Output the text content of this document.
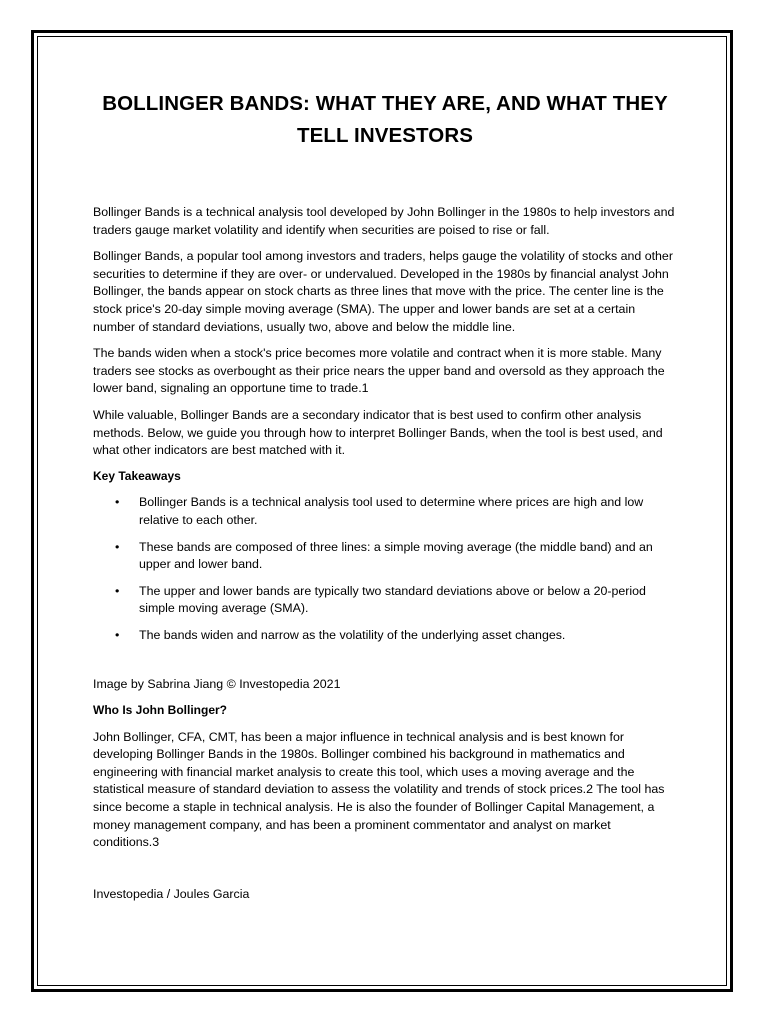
BOLLINGER BANDS: WHAT THEY ARE, AND WHAT THEY TELL INVESTORS

Bollinger Bands is a technical analysis tool developed by John Bollinger in the 1980s to help investors and traders gauge market volatility and identify when securities are poised to rise or fall.

Bollinger Bands, a popular tool among investors and traders, helps gauge the volatility of stocks and other securities to determine if they are over- or undervalued. Developed in the 1980s by financial analyst John Bollinger, the bands appear on stock charts as three lines that move with the price. The center line is the stock price's 20-day simple moving average (SMA). The upper and lower bands are set at a certain number of standard deviations, usually two, above and below the middle line.

The bands widen when a stock's price becomes more volatile and contract when it is more stable. Many traders see stocks as overbought as their price nears the upper band and oversold as they approach the lower band, signaling an opportune time to trade.1

While valuable, Bollinger Bands are a secondary indicator that is best used to confirm other analysis methods. Below, we guide you through how to interpret Bollinger Bands, when the tool is best used, and what other indicators are best matched with it.

Key Takeaways

• Bollinger Bands is a technical analysis tool used to determine where prices are high and low relative to each other.
• These bands are composed of three lines: a simple moving average (the middle band) and an upper and lower band.
• The upper and lower bands are typically two standard deviations above or below a 20-period simple moving average (SMA).
• The bands widen and narrow as the volatility of the underlying asset changes.

Image by Sabrina Jiang © Investopedia 2021

Who Is John Bollinger?

John Bollinger, CFA, CMT, has been a major influence in technical analysis and is best known for developing Bollinger Bands in the 1980s. Bollinger combined his background in mathematics and engineering with financial market analysis to create this tool, which uses a moving average and the statistical measure of standard deviation to assess the volatility and trends of stock prices.2 The tool has since become a staple in technical analysis. He is also the founder of Bollinger Capital Management, a money management company, and has been a prominent commentator and analyst on market conditions.3

Investopedia / Joules Garcia
